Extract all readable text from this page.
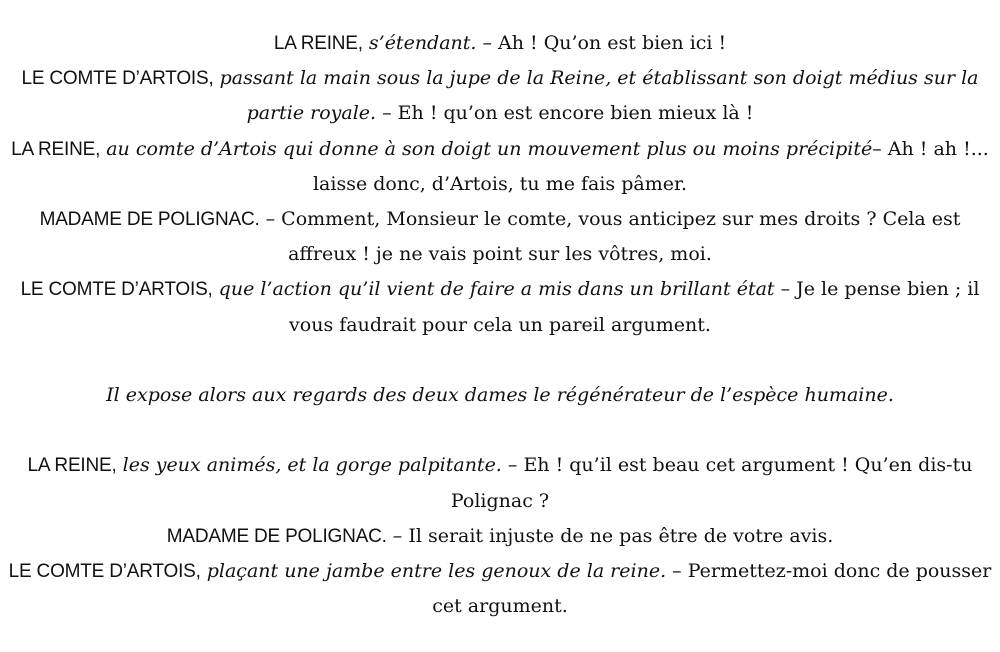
LA REINE, s’étendant. – Ah ! Qu’on est bien ici !

LE COMTE D’ARTOIS, passant la main sous la jupe de la Reine, et établissant son doigt médius sur la partie royale. – Eh ! qu’on est encore bien mieux là !

LA REINE, au comte d’Artois qui donne à son doigt un mouvement plus ou moins précipité– Ah ! ah !... laisse donc, d’Artois, tu me fais pâmer.

MADAME DE POLIGNAC. – Comment, Monsieur le comte, vous anticipez sur mes droits ? Cela est affreux ! je ne vais point sur les vôtres, moi.

LE COMTE D’ARTOIS, que l’action qu’il vient de faire a mis dans un brillant état – Je le pense bien ; il vous faudrait pour cela un pareil argument.

Il expose alors aux regards des deux dames le régénérateur de l’espèce humaine.

LA REINE, les yeux animés, et la gorge palpitante. – Eh ! qu’il est beau cet argument ! Qu’en dis-tu Polignac ?

MADAME DE POLIGNAC. – Il serait injuste de ne pas être de votre avis.

LE COMTE D’ARTOIS, plaçant une jambe entre les genoux de la reine. – Permettez-moi donc de pousser cet argument.
